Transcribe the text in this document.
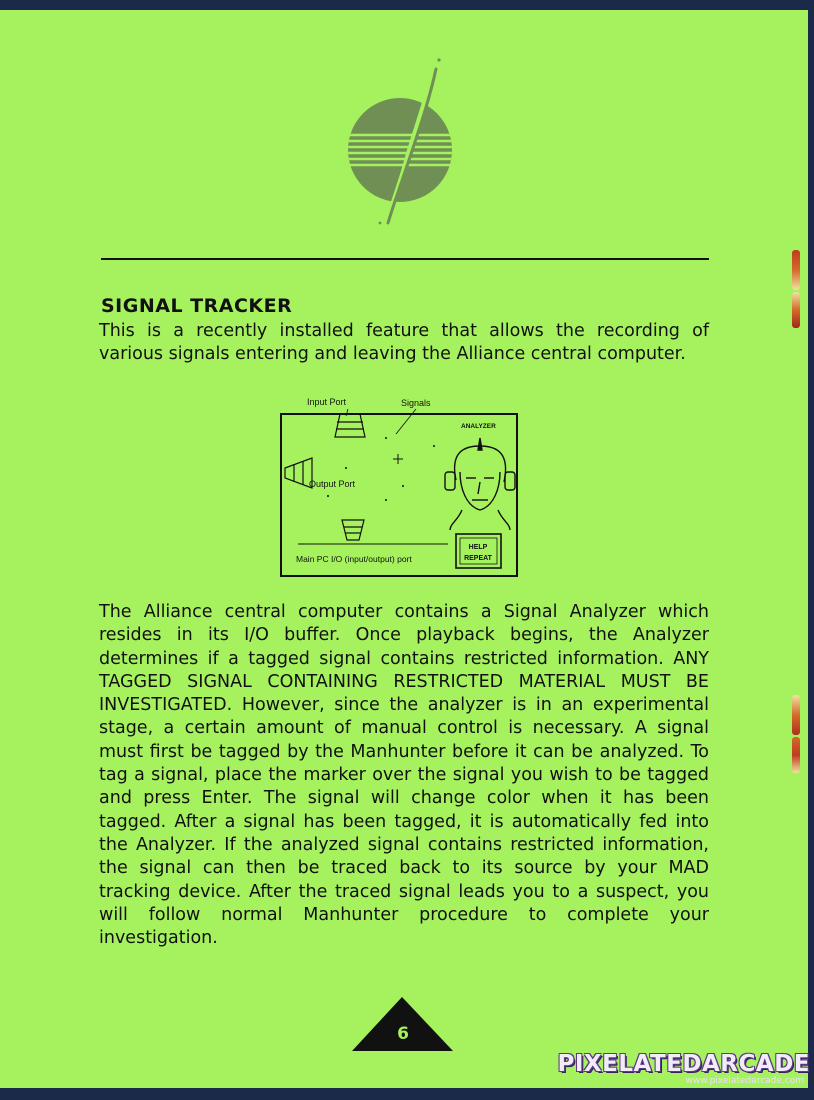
SIGNAL TRACKER

This is a recently installed feature that allows the recording of various signals entering and leaving the Alliance central computer.

Input Port	Signals
Output Port
Main PC I/O (input/output) port
ANALYZER
HELP
REPEAT

The Alliance central computer contains a Signal Analyzer which resides in its I/O buffer. Once playback begins, the Analyzer determines if a tagged signal contains restricted information. ANY TAGGED SIGNAL CONTAINING RESTRICTED MATERIAL MUST BE INVESTIGATED. However, since the analyzer is in an experimental stage, a certain amount of manual control is necessary. A signal must first be tagged by the Manhunter before it can be analyzed. To tag a signal, place the marker over the signal you wish to be tagged and press Enter. The signal will change color when it has been tagged. After a signal has been tagged, it is automatically fed into the Analyzer. If the analyzed signal contains restricted information, the signal can then be traced back to its source by your MAD tracking device. After the traced signal leads you to a suspect, you will follow normal Manhunter procedure to complete your investigation.

6
PIXELATEDARCADE
www.pixelatedarcade.com
